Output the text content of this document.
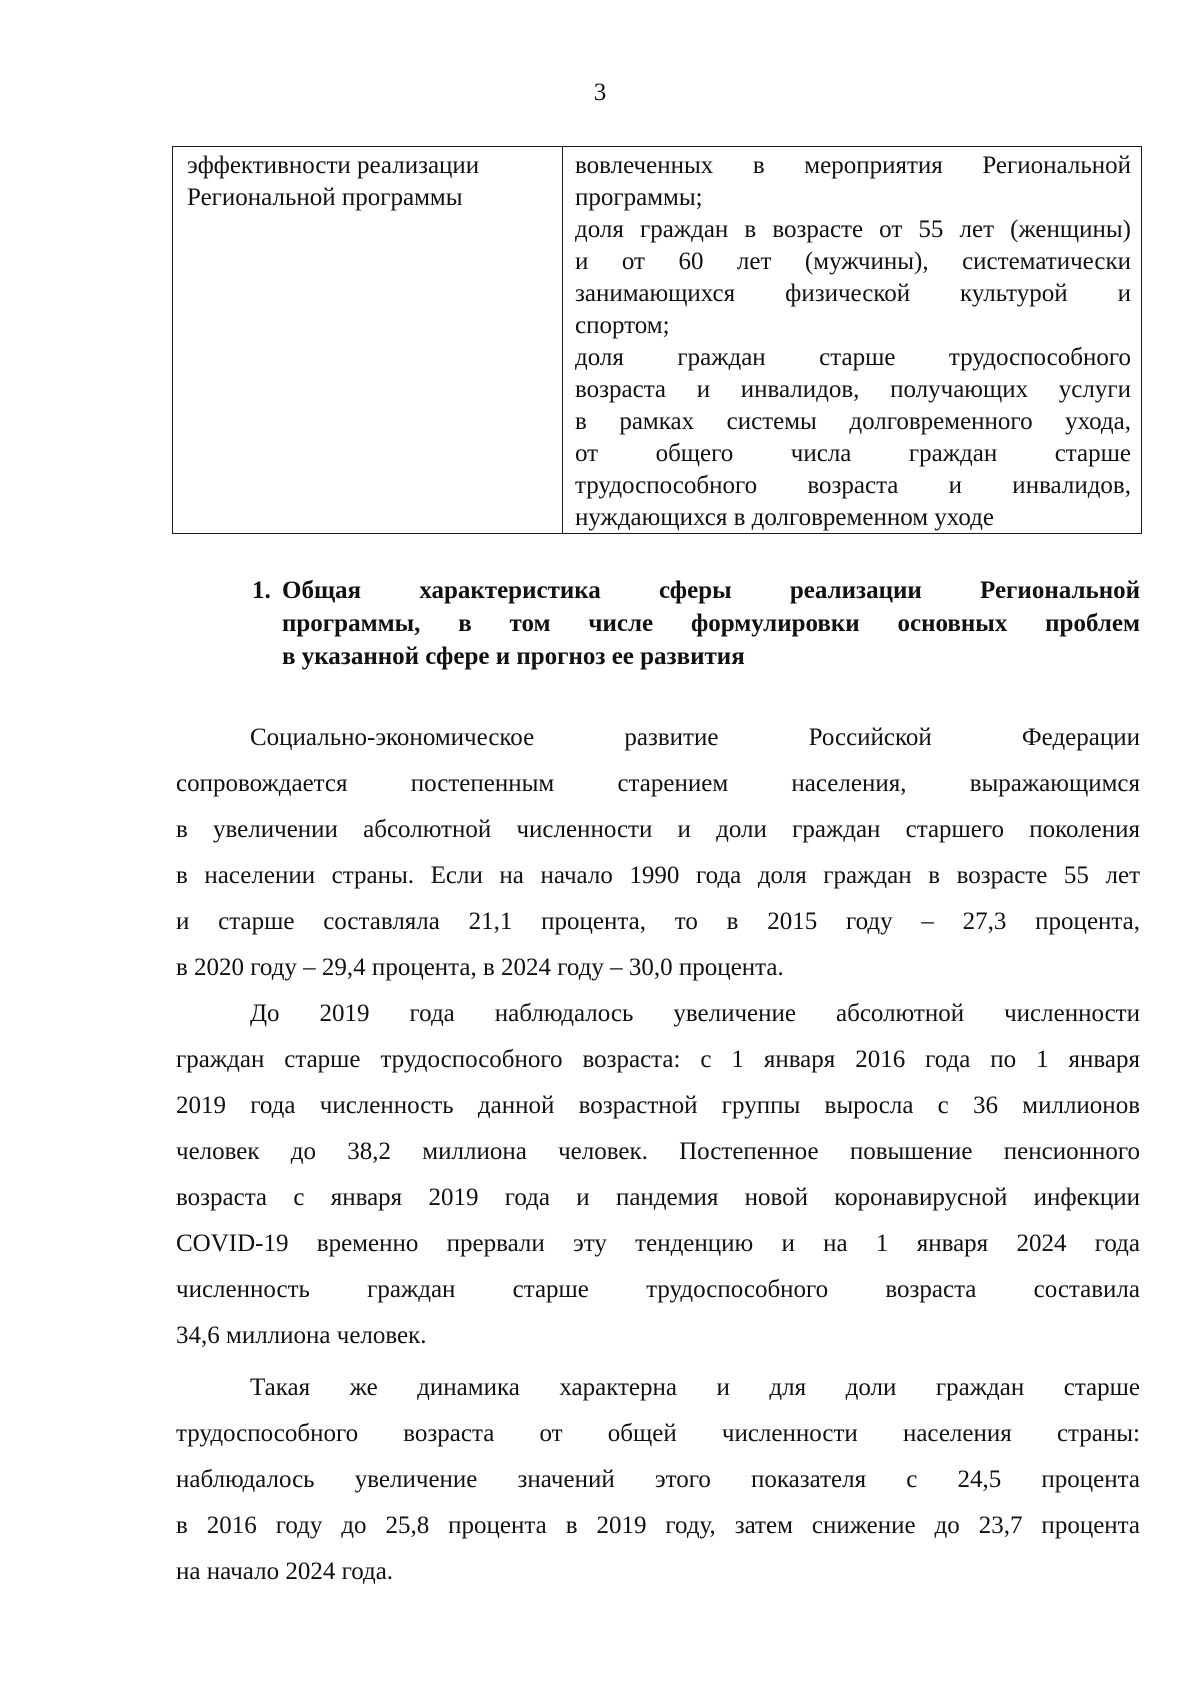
3
эффективности реализации
Региональной программы
вовлеченных в мероприятия Региональной
программы;
доля граждан в возрасте от 55 лет (женщины)
и от 60 лет (мужчины), систематически
занимающихся физической культурой и
спортом;
доля граждан старше трудоспособного
возраста и инвалидов, получающих услуги
в рамках системы долговременного ухода,
от общего числа граждан старше
трудоспособного возраста и инвалидов,
нуждающихся в долговременном уходе
1. Общая характеристика сферы реализации Региональной
программы, в том числе формулировки основных проблем
в указанной сфере и прогноз ее развития
Социально-экономическое развитие Российской Федерации
сопровождается постепенным старением населения, выражающимся
в увеличении абсолютной численности и доли граждан старшего поколения
в населении страны. Если на начало 1990 года доля граждан в возрасте 55 лет
и старше составляла 21,1 процента, то в 2015 году – 27,3 процента,
в 2020 году – 29,4 процента, в 2024 году – 30,0 процента.
До 2019 года наблюдалось увеличение абсолютной численности
граждан старше трудоспособного возраста: с 1 января 2016 года по 1 января
2019 года численность данной возрастной группы выросла с 36 миллионов
человек до 38,2 миллиона человек. Постепенное повышение пенсионного
возраста с января 2019 года и пандемия новой коронавирусной инфекции
COVID-19 временно прервали эту тенденцию и на 1 января 2024 года
численность граждан старше трудоспособного возраста составила
34,6 миллиона человек.
Такая же динамика характерна и для доли граждан старше
трудоспособного возраста от общей численности населения страны:
наблюдалось увеличение значений этого показателя с 24,5 процента
в 2016 году до 25,8 процента в 2019 году, затем снижение до 23,7 процента
на начало 2024 года.
